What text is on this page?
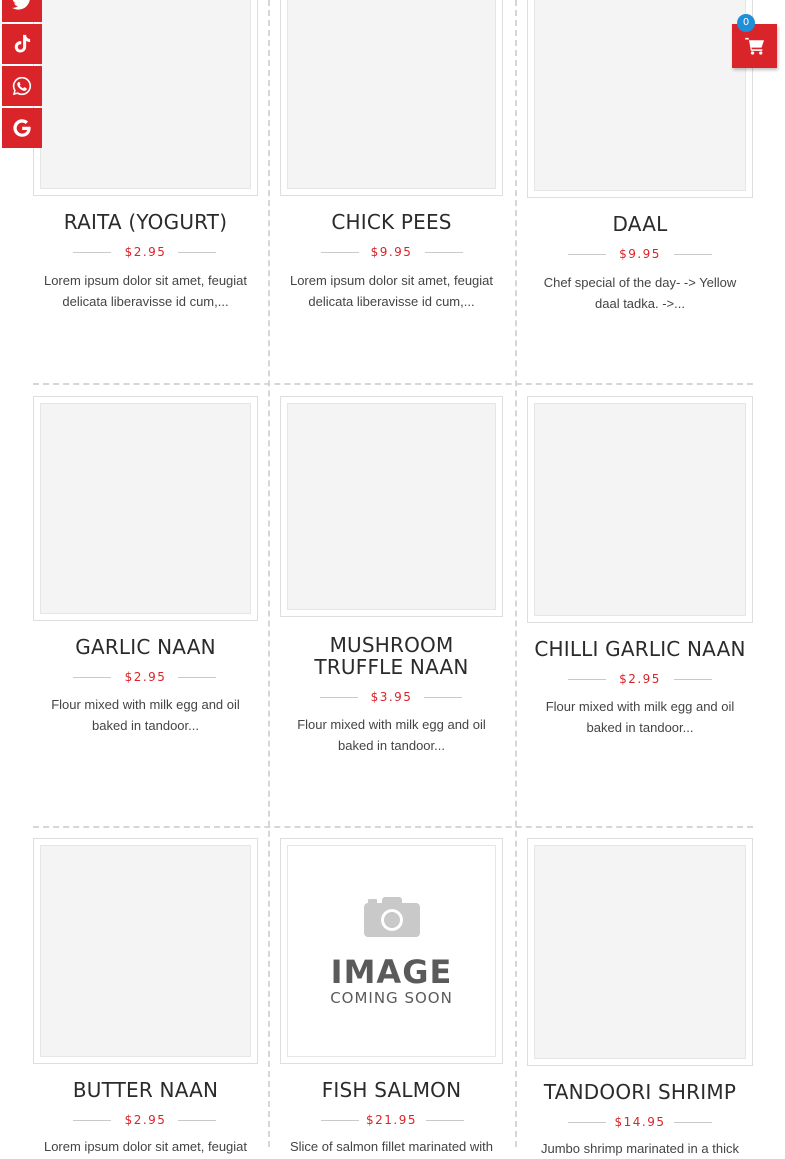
0
RAITA (YOGURT)
$2.95
Lorem ipsum dolor sit amet, feugiat delicata liberavisse id cum,...
CHICK PEES
$9.95
Lorem ipsum dolor sit amet, feugiat delicata liberavisse id cum,...
DAAL
$9.95
Chef special of the day- -> Yellow daal tadka. ->...
GARLIC NAAN
$2.95
Flour mixed with milk egg and oil baked in tandoor...
MUSHROOM TRUFFLE NAAN
$3.95
Flour mixed with milk egg and oil baked in tandoor...
CHILLI GARLIC NAAN
$2.95
Flour mixed with milk egg and oil baked in tandoor...
BUTTER NAAN
$2.95
Lorem ipsum dolor sit amet, feugiat
IMAGE
COMING SOON
FISH SALMON
$21.95
Slice of salmon fillet marinated with
TANDOORI SHRIMP
$14.95
Jumbo shrimp marinated in a thick
